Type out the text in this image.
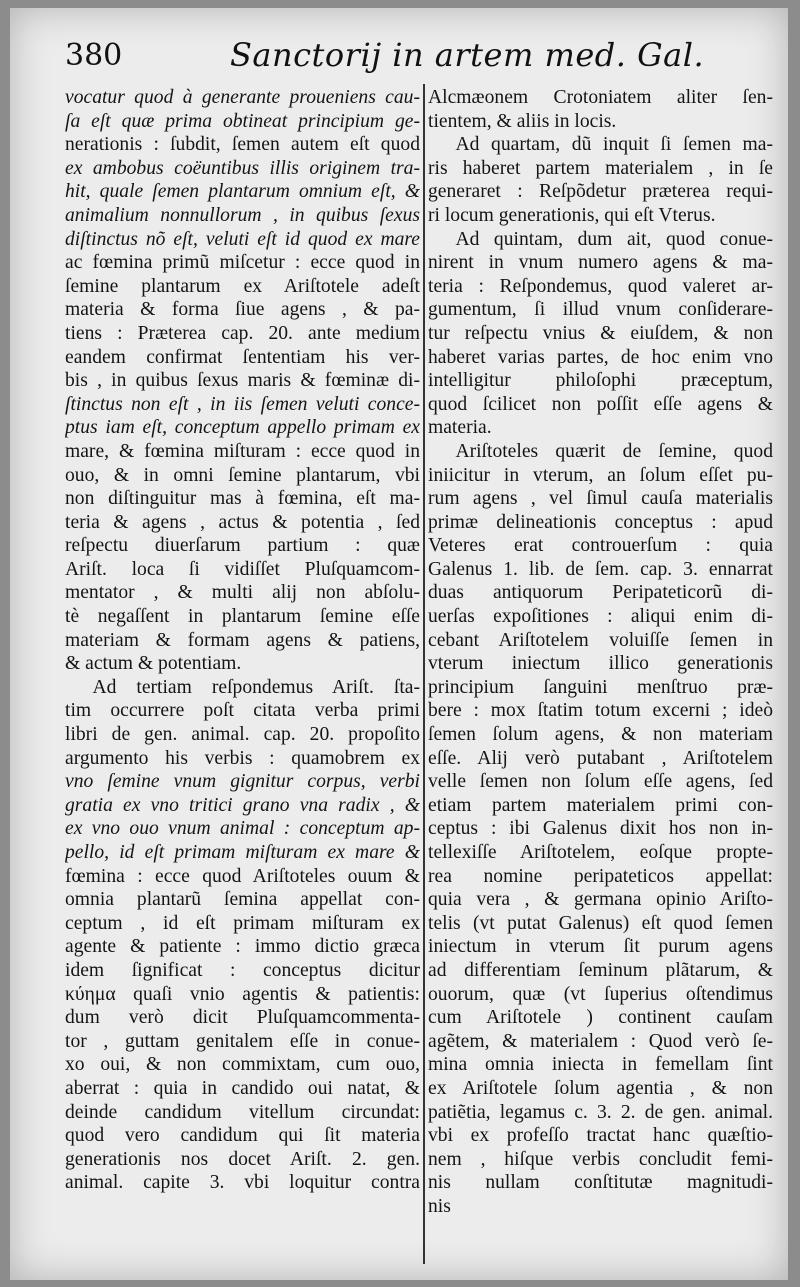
380	Sanctorij in artem med. Gal.
vocatur quod à generante proueniens cau-
ſa eſt quæ prima obtineat principium ge-
nerationis : ſubdit, ſemen autem eſt quod
ex ambobus coëuntibus illis originem tra-
hit, quale ſemen plantarum omnium eſt, &
animalium nonnullorum , in quibus ſexus
diſtinctus nõ eſt, veluti eſt id quod ex mare
ac fœmina primũ miſcetur : ecce quod in
ſemine plantarum ex Ariſtotele adeſt
materia & forma ſiue agens , & pa-
tiens : Præterea cap. 20. ante medium
eandem confirmat ſententiam his ver-
bis , in quibus ſexus maris & fœminæ di-
ſtinctus non eſt , in iis ſemen veluti conce-
ptus iam eſt, conceptum appello primam ex
mare, & fœmina miſturam : ecce quod in
ouo, & in omni ſemine plantarum, vbi
non diſtinguitur mas à fœmina, eſt ma-
teria & agens , actus & potentia , ſed
reſpectu diuerſarum partium : quæ
Ariſt. loca ſi vidiſſet Pluſquamcom-
mentator , & multi alij non abſolu-
tè negaſſent in plantarum ſemine eſſe
materiam & formam agens & patiens,
& actum & potentiam.
Ad tertiam reſpondemus Ariſt. ſta-
tim occurrere poſt citata verba primi
libri de gen. animal. cap. 20. propoſito
argumento his verbis : quamobrem ex
vno ſemine vnum gignitur corpus, verbi
gratia ex vno tritici grano vna radix , &
ex vno ouo vnum animal : conceptum ap-
pello, id eſt primam miſturam ex mare &
fœmina : ecce quod Ariſtoteles ouum &
omnia plantarũ ſemina appellat con-
ceptum , id eſt primam miſturam ex
agente & patiente : immo dictio græca
idem ſignificat : conceptus dicitur
κύημα quaſi vnio agentis & patientis:
dum verò dicit Pluſquamcommenta-
tor , guttam genitalem eſſe in conue-
xo oui, & non commixtam, cum ouo,
aberrat : quia in candido oui natat, &
deinde candidum vitellum circundat:
quod vero candidum qui ſit materia
generationis nos docet Ariſt. 2. gen.
animal. capite 3. vbi loquitur contra
Alcmæonem Crotoniatem aliter ſen-
tientem, & aliis in locis.
Ad quartam, dũ inquit ſi ſemen ma-
ris haberet partem materialem , in ſe
generaret : Reſpõdetur præterea requi-
ri locum generationis, qui eſt Vterus.
Ad quintam, dum ait, quod conue-
nirent in vnum numero agens & ma-
teria : Reſpondemus, quod valeret ar-
gumentum, ſi illud vnum conſiderare-
tur reſpectu vnius & eiuſdem, & non
haberet varias partes, de hoc enim vno
intelligitur philoſophi præceptum,
quod ſcilicet non poſſit eſſe agens &
materia.
Ariſtoteles quærit de ſemine, quod
iniicitur in vterum, an ſolum eſſet pu-
rum agens , vel ſimul cauſa materialis
primæ delineationis conceptus : apud
Veteres erat controuerſum : quia
Galenus 1. lib. de ſem. cap. 3. ennarrat
duas antiquorum Peripateticorũ di-
uerſas expoſitiones : aliqui enim di-
cebant Ariſtotelem voluiſſe ſemen in
vterum iniectum illico generationis
principium ſanguini menſtruo præ-
bere : mox ſtatim totum excerni ; ideò
ſemen ſolum agens, & non materiam
eſſe. Alij verò putabant , Ariſtotelem
velle ſemen non ſolum eſſe agens, ſed
etiam partem materialem primi con-
ceptus : ibi Galenus dixit hos non in-
tellexiſſe Ariſtotelem, eoſque propte-
rea nomine peripateticos appellat:
quia vera , & germana opinio Ariſto-
telis (vt putat Galenus) eſt quod ſemen
iniectum in vterum ſit purum agens
ad differentiam ſeminum plãtarum, &
ouorum, quæ (vt ſuperius oſtendimus
cum Ariſtotele ) continent cauſam
agẽtem, & materialem : Quod verò ſe-
mina omnia iniecta in femellam ſint
ex Ariſtotele ſolum agentia , & non
patiẽtia, legamus c. 3. 2. de gen. animal.
vbi ex profeſſo tractat hanc quæſtio-
nem , hiſque verbis concludit femi-
nis nullam conſtitutæ magnitudi-
nis
